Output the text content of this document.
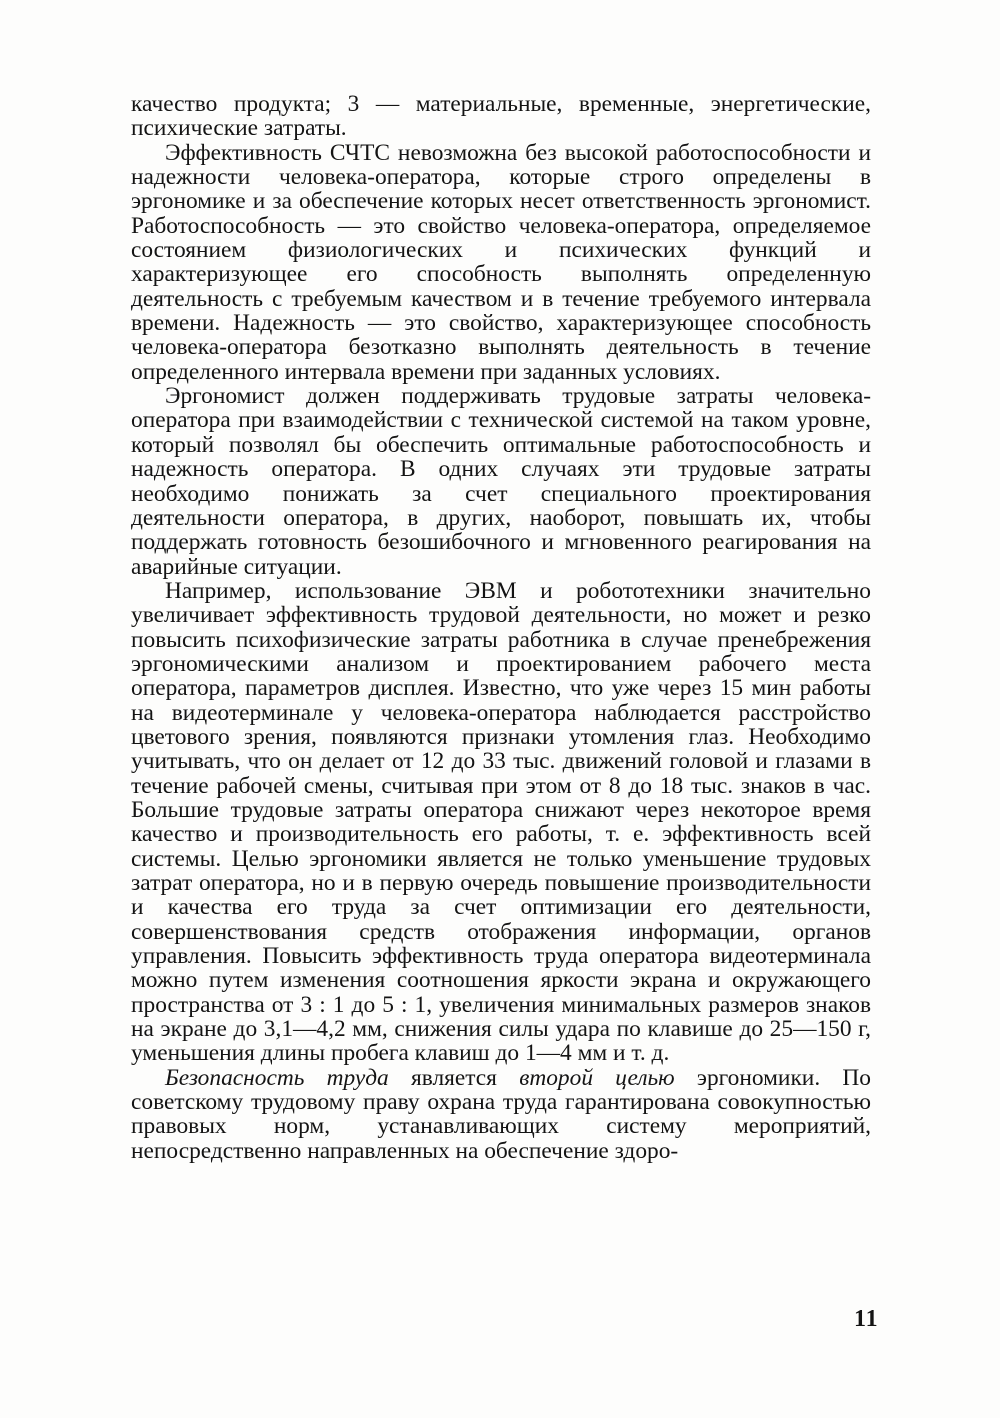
качество продукта; 3 — материальные, временные, энергетические, психические затраты.

Эффективность СЧТС невозможна без высокой работоспособности и надежности человека-оператора, которые строго определены в эргономике и за обеспечение которых несет ответственность эргономист. Работоспособность — это свойство человека-оператора, определяемое состоянием физиологических и психических функций и характеризующее его способность выполнять определенную деятельность с требуемым качеством и в течение требуемого интервала времени. Надежность — это свойство, характеризующее способность человека-оператора безотказно выполнять деятельность в течение определенного интервала времени при заданных условиях.

Эргономист должен поддерживать трудовые затраты человека-оператора при взаимодействии с технической системой на таком уровне, который позволял бы обеспечить оптимальные работоспособность и надежность оператора. В одних случаях эти трудовые затраты необходимо понижать за счет специального проектирования деятельности оператора, в других, наоборот, повышать их, чтобы поддержать готовность безошибочного и мгновенного реагирования на аварийные ситуации.

Например, использование ЭВМ и робототехники значительно увеличивает эффективность трудовой деятельности, но может и резко повысить психофизические затраты работника в случае пренебрежения эргономическими анализом и проектированием рабочего места оператора, параметров дисплея. Известно, что уже через 15 мин работы на видеотерминале у человека-оператора наблюдается расстройство цветового зрения, появляются признаки утомления глаз. Необходимо учитывать, что он делает от 12 до 33 тыс. движений головой и глазами в течение рабочей смены, считывая при этом от 8 до 18 тыс. знаков в час. Большие трудовые затраты оператора снижают через некоторое время качество и производительность его работы, т. е. эффективность всей системы. Целью эргономики является не только уменьшение трудовых затрат оператора, но и в первую очередь повышение производительности и качества его труда за счет оптимизации его деятельности, совершенствования средств отображения информации, органов управления. Повысить эффективность труда оператора видеотерминала можно путем изменения соотношения яркости экрана и окружающего пространства от 3 : 1 до 5 : 1, увеличения минимальных размеров знаков на экране до 3,1—4,2 мм, снижения силы удара по клавише до 25—150 г, уменьшения длины пробега клавиш до 1—4 мм и т. д.

Безопасность труда является второй целью эргономики. По советскому трудовому праву охрана труда гарантирована совокупностью правовых норм, устанавливающих систему мероприятий, непосредственно направленных на обеспечение здоро-

11
